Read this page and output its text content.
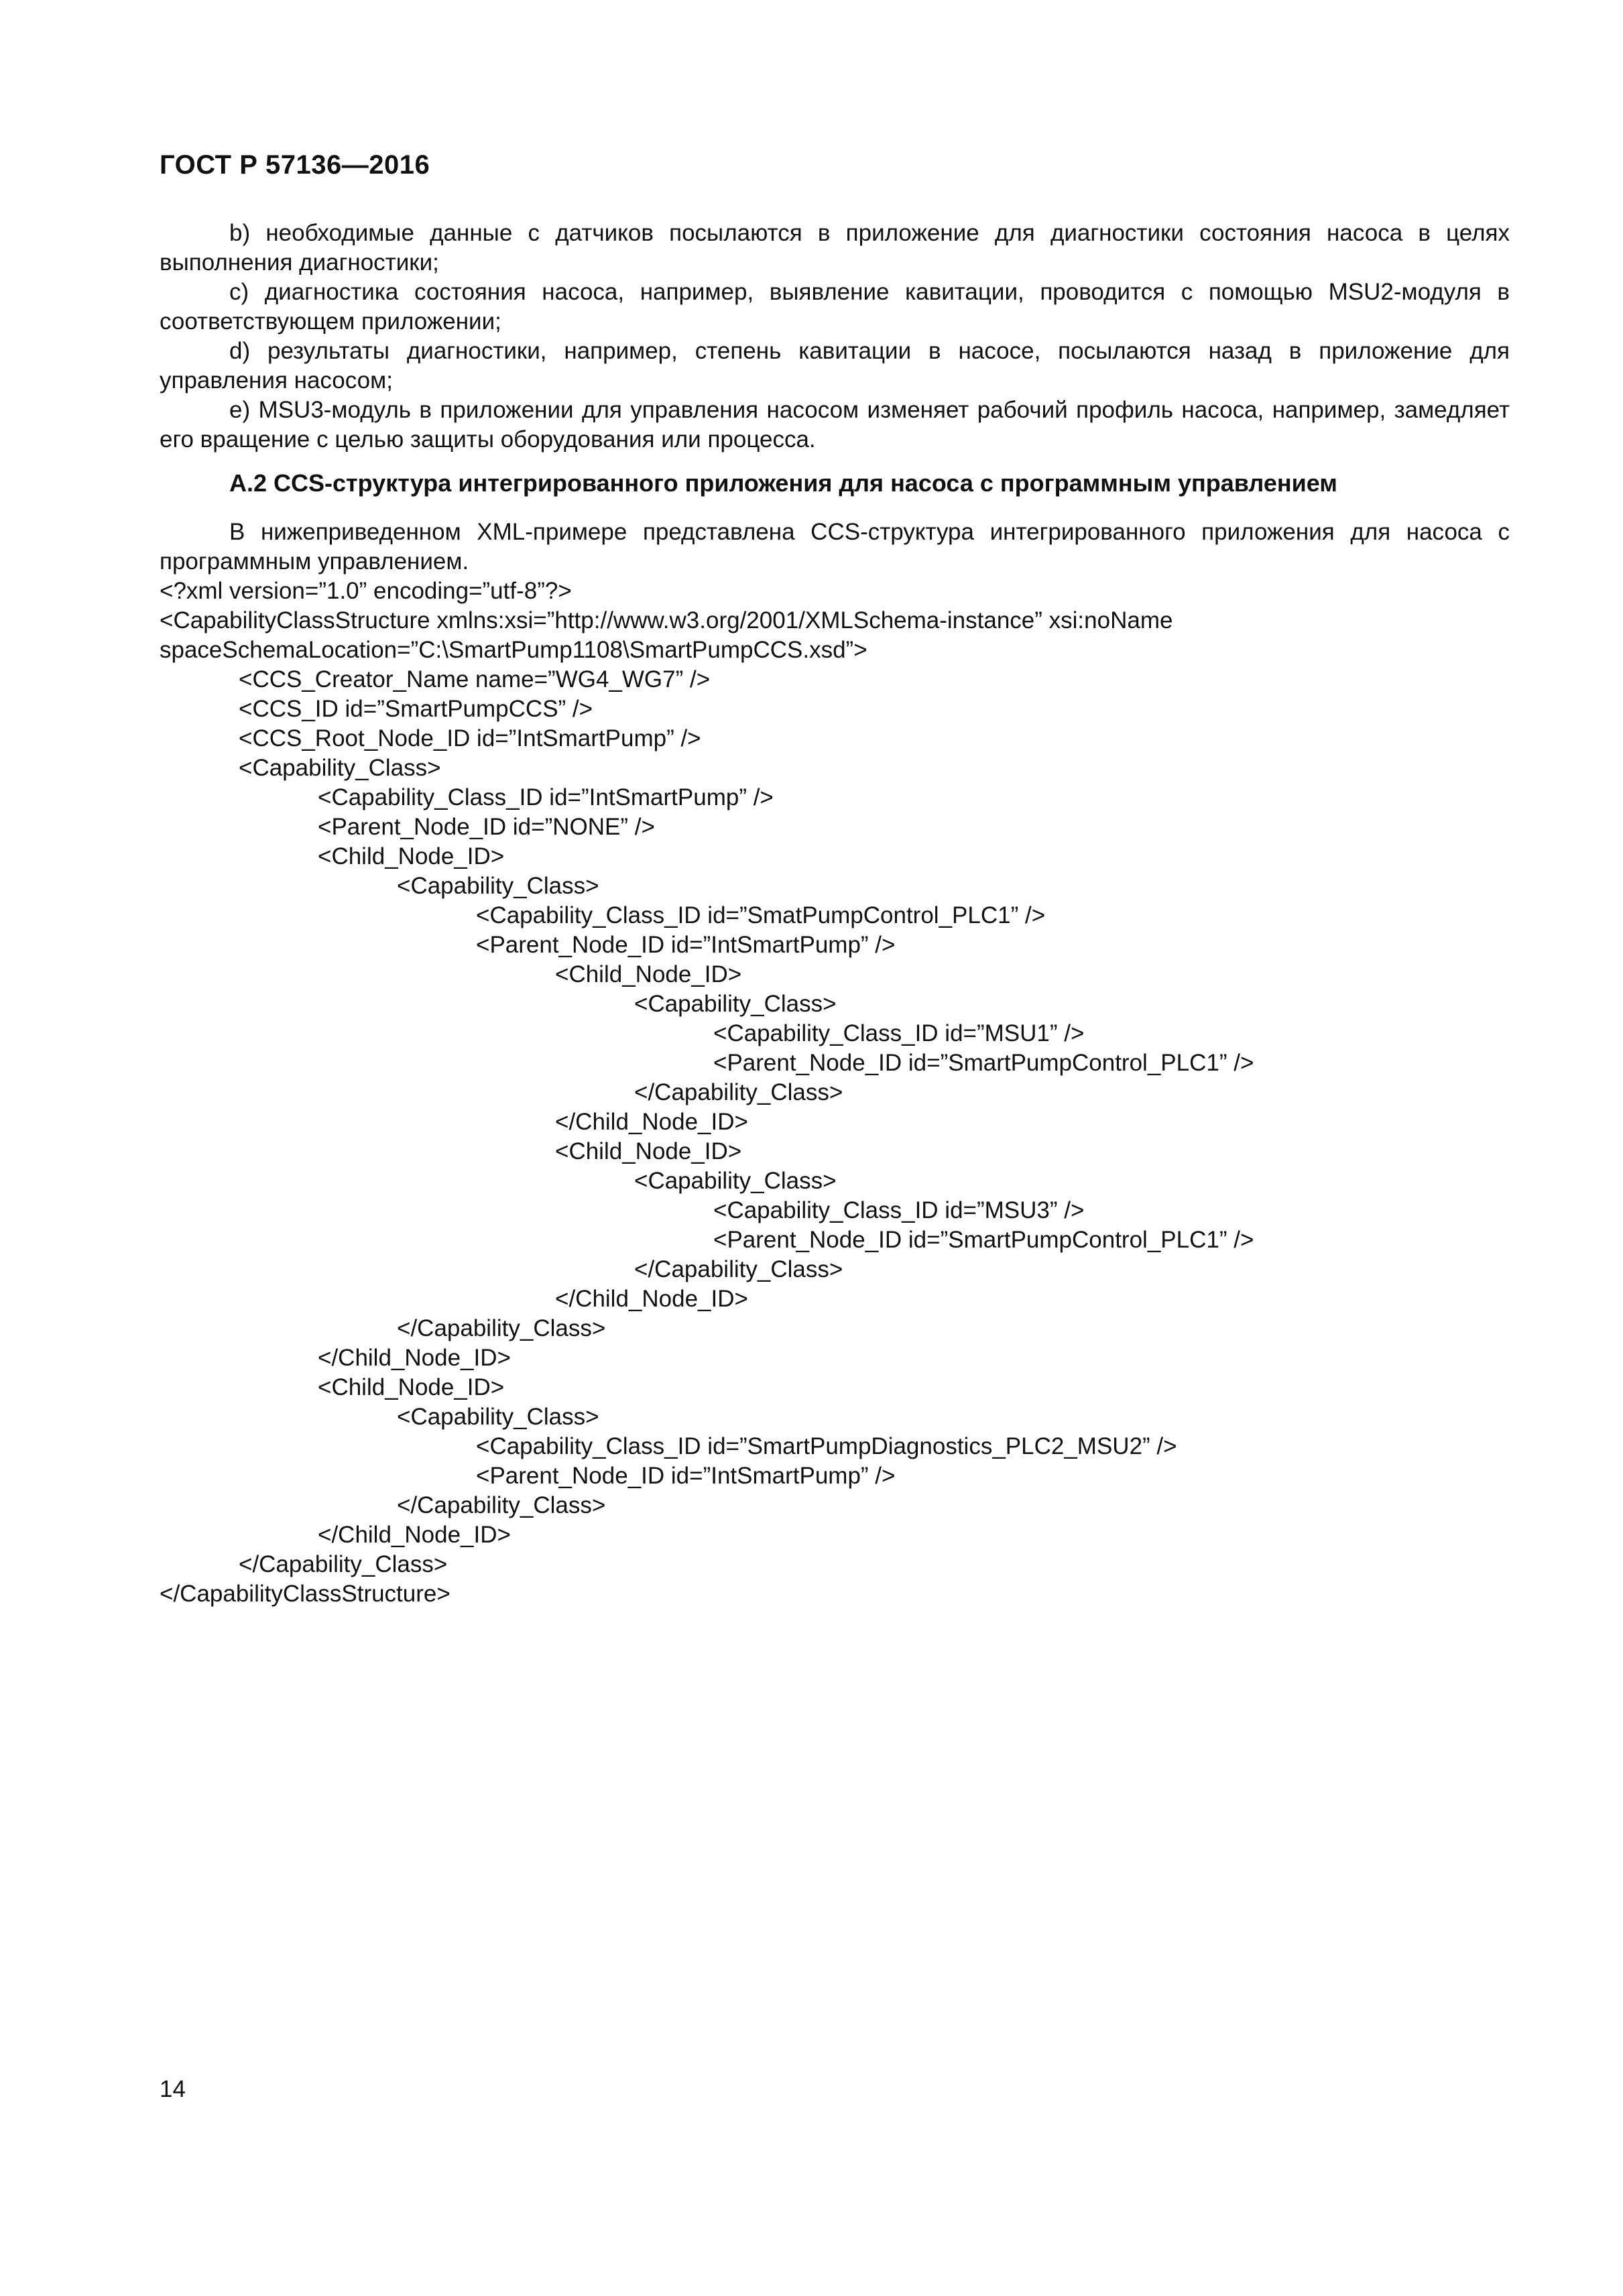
ГОСТ Р 57136—2016
b) необходимые данные с датчиков посылаются в приложение для диагностики состояния насоса в целях выполнения диагностики;
c) диагностика состояния насоса, например, выявление кавитации, проводится с помощью MSU2-модуля в соответствующем приложении;
d) результаты диагностики, например, степень кавитации в насосе, посылаются назад в приложение для управления насосом;
e) MSU3-модуль в приложении для управления насосом изменяет рабочий профиль насоса, например, замедляет его вращение с целью защиты оборудования или процесса.
А.2 CCS-структура интегрированного приложения для насоса с программным управлением
В нижеприведенном XML-примере представлена CCS-структура интегрированного приложения для насоса с программным управлением.
<?xml version=”1.0” encoding=”utf-8”?>
<CapabilityClassStructure xmlns:xsi=”http://www.w3.org/2001/XMLSchema-instance” xsi:noName
spaceSchemaLocation=”C:\SmartPump1108\SmartPumpCCS.xsd”>
<CCS_Creator_Name name=”WG4_WG7” />
<CCS_ID id=”SmartPumpCCS” />
<CCS_Root_Node_ID id=”IntSmartPump” />
<Capability_Class>
<Capability_Class_ID id=”IntSmartPump” />
<Parent_Node_ID id=”NONE” />
<Child_Node_ID>
<Capability_Class>
<Capability_Class_ID id=”SmatPumpControl_PLC1” />
<Parent_Node_ID id=”IntSmartPump” />
<Child_Node_ID>
<Capability_Class>
<Capability_Class_ID id=”MSU1” />
<Parent_Node_ID id=”SmartPumpControl_PLC1” />
</Capability_Class>
</Child_Node_ID>
<Child_Node_ID>
<Capability_Class>
<Capability_Class_ID id=”MSU3” />
<Parent_Node_ID id=”SmartPumpControl_PLC1” />
</Capability_Class>
</Child_Node_ID>
</Capability_Class>
</Child_Node_ID>
<Child_Node_ID>
<Capability_Class>
<Capability_Class_ID id=”SmartPumpDiagnostics_PLC2_MSU2” />
<Parent_Node_ID id=”IntSmartPump” />
</Capability_Class>
</Child_Node_ID>
</Capability_Class>
</CapabilityClassStructure>
14
